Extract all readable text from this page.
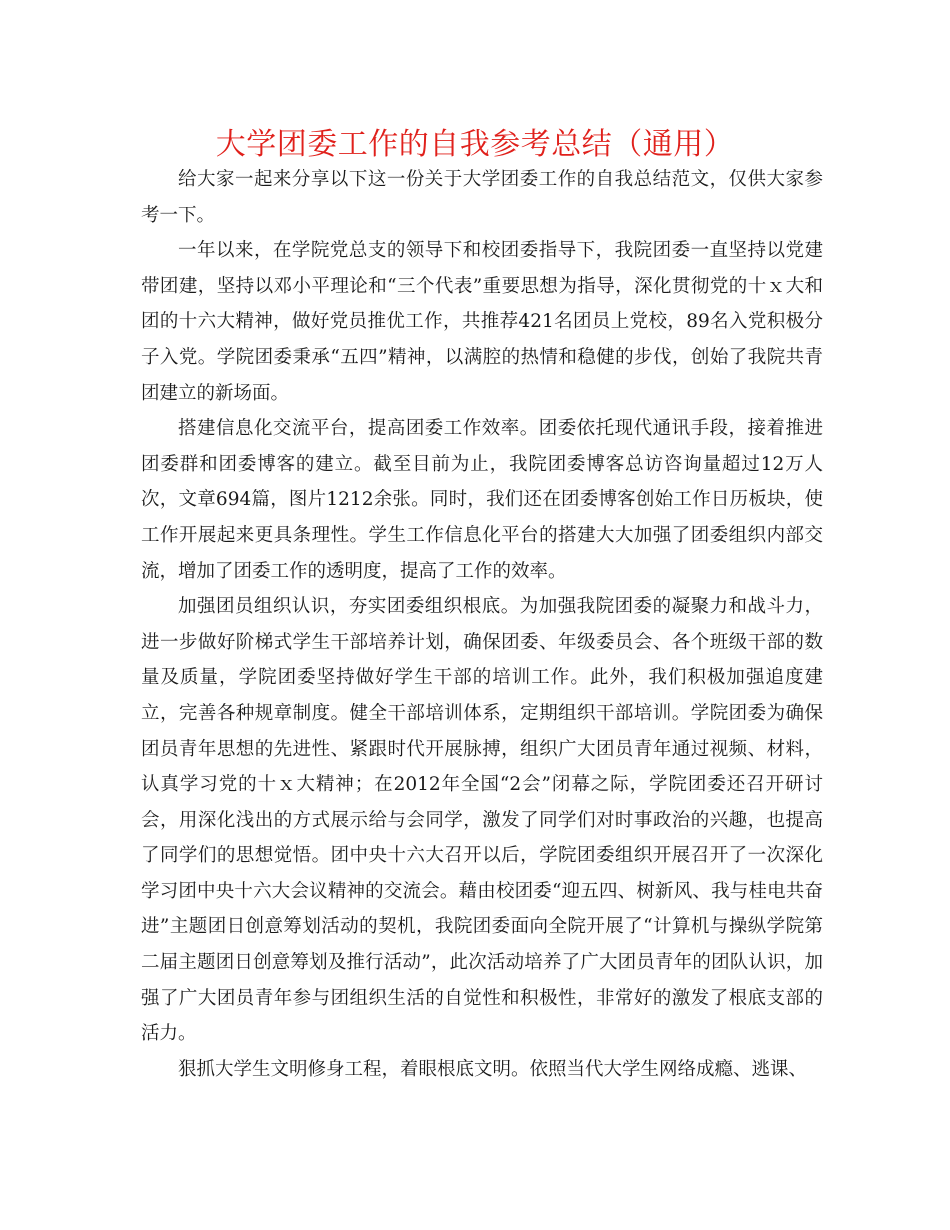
大学团委工作的自我参考总结（通用）

给大家一起来分享以下这一份关于大学团委工作的自我总结范文，仅供大家参考一下。

一年以来，在学院党总支的领导下和校团委指导下，我院团委一直坚持以党建带团建，坚持以邓小平理论和“三个代表”重要思想为指导，深化贯彻党的十ｘ大和团的十六大精神，做好党员推优工作，共推荐421名团员上党校，89名入党积极分子入党。学院团委秉承“五四”精神，以满腔的热情和稳健的步伐，创始了我院共青团建立的新场面。

搭建信息化交流平台，提高团委工作效率。团委依托现代通讯手段，接着推进团委群和团委博客的建立。截至目前为止，我院团委博客总访咨询量超过12万人次，文章694篇，图片1212余张。同时，我们还在团委博客创始工作日历板块，使工作开展起来更具条理性。学生工作信息化平台的搭建大大加强了团委组织内部交流，增加了团委工作的透明度，提高了工作的效率。

加强团员组织认识，夯实团委组织根底。为加强我院团委的凝聚力和战斗力，进一步做好阶梯式学生干部培养计划，确保团委、年级委员会、各个班级干部的数量及质量，学院团委坚持做好学生干部的培训工作。此外，我们积极加强追度建立，完善各种规章制度。健全干部培训体系，定期组织干部培训。学院团委为确保团员青年思想的先进性、紧跟时代开展脉搏，组织广大团员青年通过视频、材料，认真学习党的十ｘ大精神；在2012年全国“2会”闭幕之际，学院团委还召开研讨会，用深化浅出的方式展示给与会同学，激发了同学们对时事政治的兴趣，也提高了同学们的思想觉悟。团中央十六大召开以后，学院团委组织开展召开了一次深化学习团中央十六大会议精神的交流会。藉由校团委“迎五四、树新风、我与桂电共奋进”主题团日创意筹划活动的契机，我院团委面向全院开展了“计算机与操纵学院第二届主题团日创意筹划及推行活动”，此次活动培养了广大团员青年的团队认识，加强了广大团员青年参与团组织生活的自觉性和积极性，非常好的激发了根底支部的活力。

狠抓大学生文明修身工程，着眼根底文明。依照当代大学生网络成瘾、逃课、
